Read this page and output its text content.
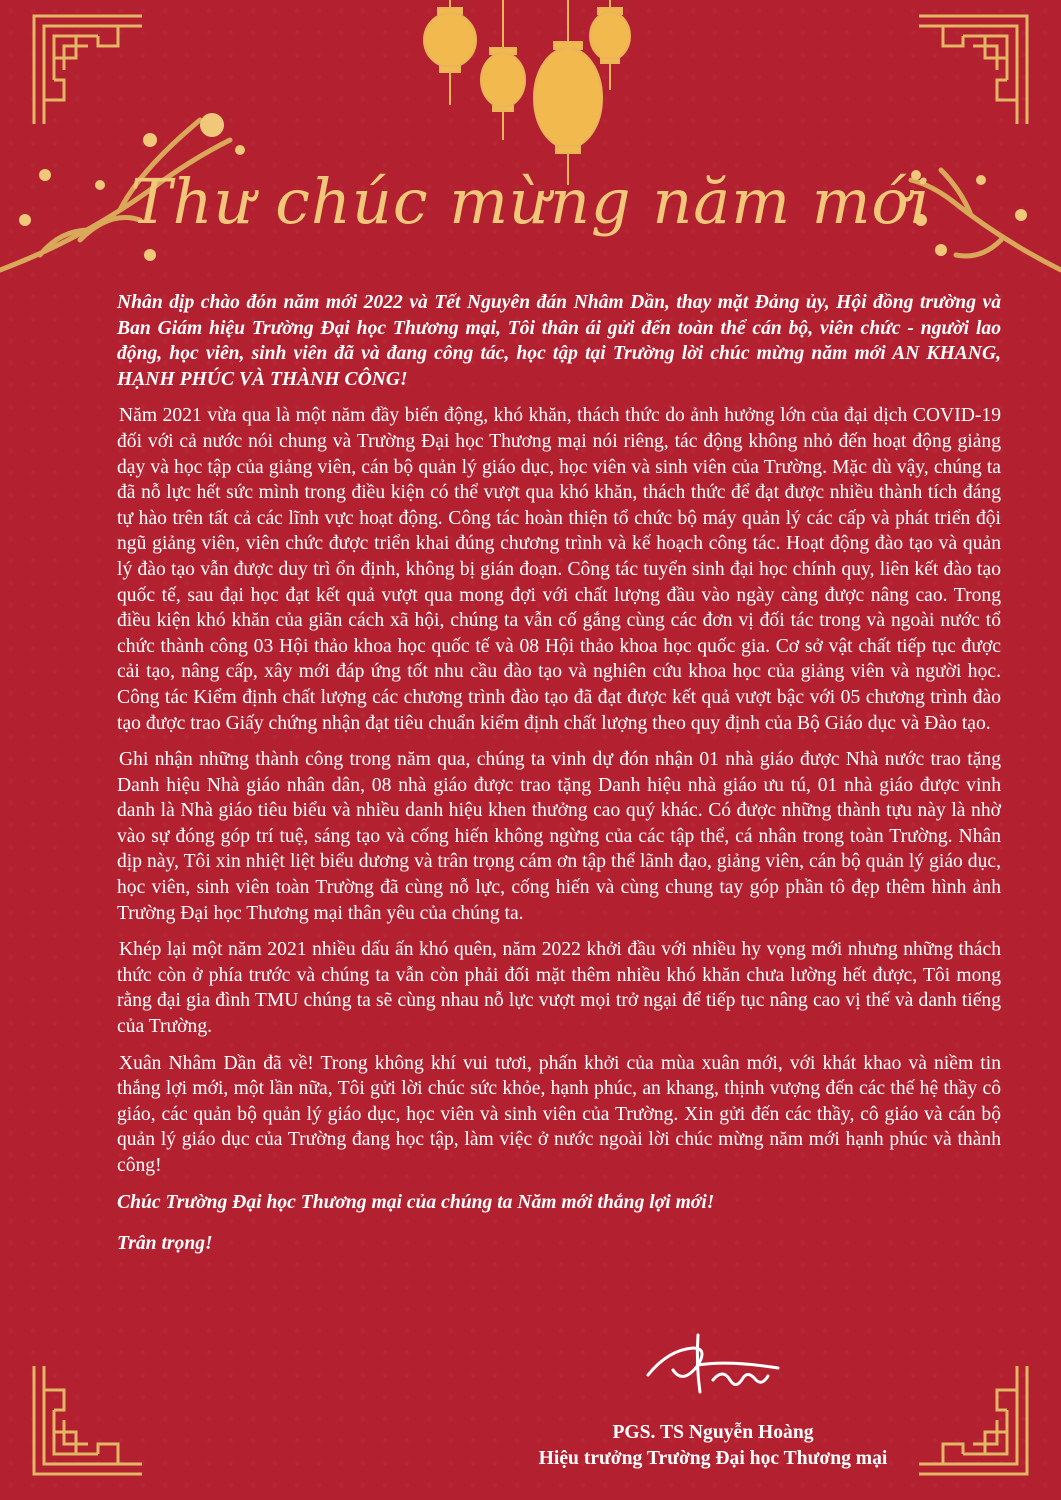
Thư chúc mừng năm mới

Nhân dịp chào đón năm mới 2022 và Tết Nguyên đán Nhâm Dần, thay mặt Đảng ủy, Hội đồng trường và Ban Giám hiệu Trường Đại học Thương mại, Tôi thân ái gửi đến toàn thể cán bộ, viên chức - người lao động, học viên, sinh viên đã và đang công tác, học tập tại Trường lời chúc mừng năm mới AN KHANG, HẠNH PHÚC VÀ THÀNH CÔNG!

Năm 2021 vừa qua là một năm đầy biến động, khó khăn, thách thức do ảnh hưởng lớn của đại dịch COVID-19 đối với cả nước nói chung và Trường Đại học Thương mại nói riêng, tác động không nhỏ đến hoạt động giảng dạy và học tập của giảng viên, cán bộ quản lý giáo dục, học viên và sinh viên của Trường. Mặc dù vậy, chúng ta đã nỗ lực hết sức mình trong điều kiện có thể vượt qua khó khăn, thách thức để đạt được nhiều thành tích đáng tự hào trên tất cả các lĩnh vực hoạt động. Công tác hoàn thiện tổ chức bộ máy quản lý các cấp và phát triển đội ngũ giảng viên, viên chức được triển khai đúng chương trình và kế hoạch công tác. Hoạt động đào tạo và quản lý đào tạo vẫn được duy trì ổn định, không bị gián đoạn. Công tác tuyển sinh đại học chính quy, liên kết đào tạo quốc tế, sau đại học đạt kết quả vượt qua mong đợi với chất lượng đầu vào ngày càng được nâng cao. Trong điều kiện khó khăn của giãn cách xã hội, chúng ta vẫn cố gắng cùng các đơn vị đối tác trong và ngoài nước tổ chức thành công 03 Hội thảo khoa học quốc tế và 08 Hội thảo khoa học quốc gia. Cơ sở vật chất tiếp tục được cải tạo, nâng cấp, xây mới đáp ứng tốt nhu cầu đào tạo và nghiên cứu khoa học của giảng viên và người học. Công tác Kiểm định chất lượng các chương trình đào tạo đã đạt được kết quả vượt bậc với 05 chương trình đào tạo được trao Giấy chứng nhận đạt tiêu chuẩn kiểm định chất lượng theo quy định của Bộ Giáo dục và Đào tạo.

Ghi nhận những thành công trong năm qua, chúng ta vinh dự đón nhận 01 nhà giáo được Nhà nước trao tặng Danh hiệu Nhà giáo nhân dân, 08 nhà giáo được trao tặng Danh hiệu nhà giáo ưu tú, 01 nhà giáo được vinh danh là Nhà giáo tiêu biểu và nhiều danh hiệu khen thưởng cao quý khác. Có được những thành tựu này là nhờ vào sự đóng góp trí tuệ, sáng tạo và cống hiến không ngừng của các tập thể, cá nhân trong toàn Trường. Nhân dịp này, Tôi xin nhiệt liệt biểu dương và trân trọng cám ơn tập thể lãnh đạo, giảng viên, cán bộ quản lý giáo dục, học viên, sinh viên toàn Trường đã cùng nỗ lực, cống hiến và cùng chung tay góp phần tô đẹp thêm hình ảnh Trường Đại học Thương mại thân yêu của chúng ta.

Khép lại một năm 2021 nhiều dấu ấn khó quên, năm 2022 khởi đầu với nhiều hy vọng mới nhưng những thách thức còn ở phía trước và chúng ta vẫn còn phải đối mặt thêm nhiều khó khăn chưa lường hết được, Tôi mong rằng đại gia đình TMU chúng ta sẽ cùng nhau nỗ lực vượt mọi trở ngại để tiếp tục nâng cao vị thế và danh tiếng của Trường.

Xuân Nhâm Dần đã về! Trong không khí vui tươi, phấn khởi của mùa xuân mới, với khát khao và niềm tin thắng lợi mới, một lần nữa, Tôi gửi lời chúc sức khỏe, hạnh phúc, an khang, thịnh vượng đến các thế hệ thầy cô giáo, các quản bộ quản lý giáo dục, học viên và sinh viên của Trường. Xin gửi đến các thầy, cô giáo và cán bộ quản lý giáo dục của Trường đang học tập, làm việc ở nước ngoài lời chúc mừng năm mới hạnh phúc và thành công!

Chúc Trường Đại học Thương mại của chúng ta Năm mới thắng lợi mới!

Trân trọng!

PGS. TS Nguyễn Hoàng
Hiệu trưởng Trường Đại học Thương mại
